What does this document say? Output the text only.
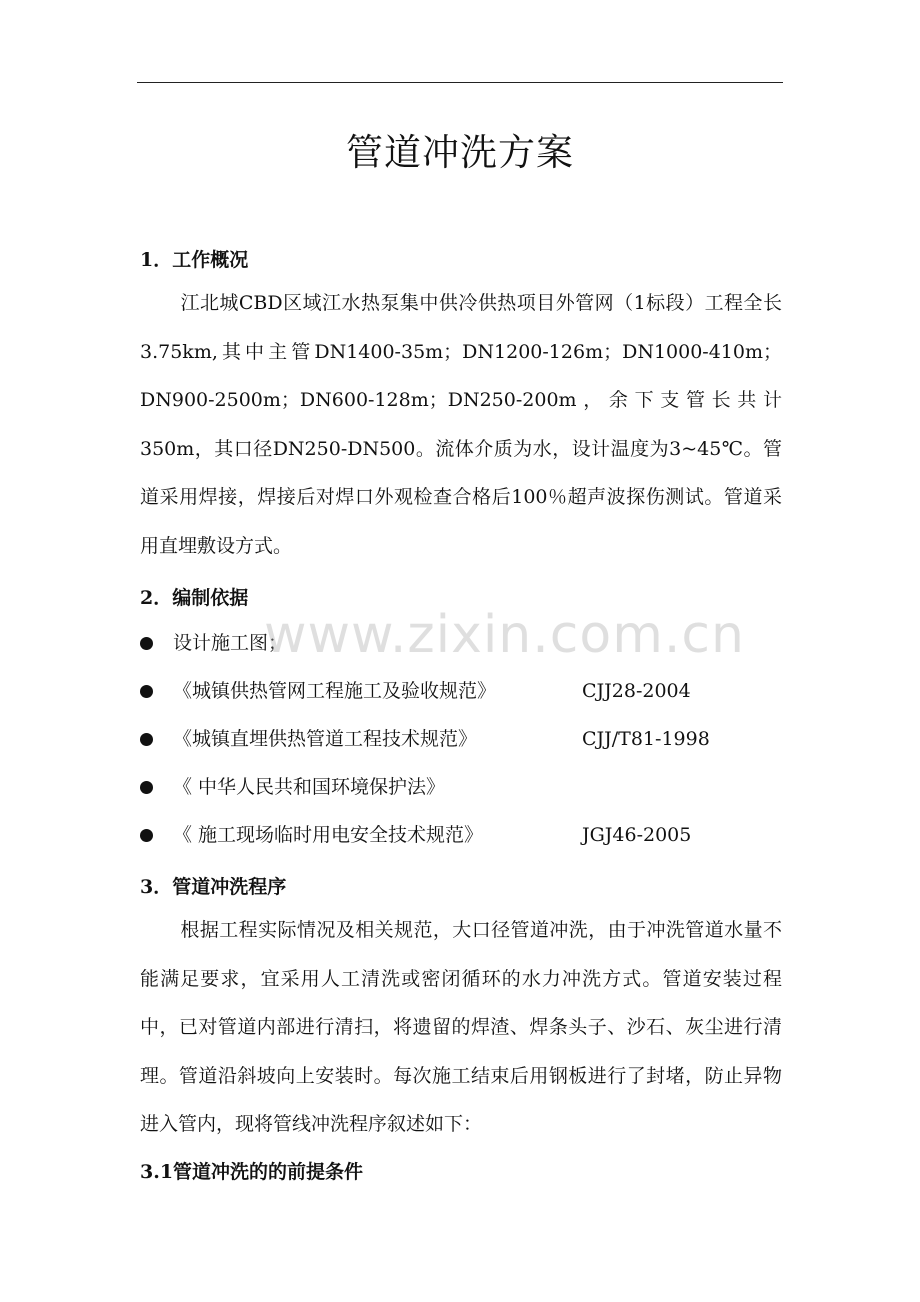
管道冲洗方案
1．工作概况
江北城CBD区域江水热泵集中供冷供热项目外管网（1标段）工程全长3.75km,其中主管DN1400-35m；DN1200-126m；DN1000-410m；DN900-2500m；DN600-128m；DN250-200m，余下支管长共计350m，其口径DN250-DN500。流体介质为水，设计温度为3~45℃。管道采用焊接，焊接后对焊口外观检查合格后100％超声波探伤测试。管道采用直埋敷设方式。
2．编制依据
设计施工图；
《城镇供热管网工程施工及验收规范》	CJJ28-2004
《城镇直埋供热管道工程技术规范》	CJJ/T81-1998
《 中华人民共和国环境保护法》
《 施工现场临时用电安全技术规范》	JGJ46-2005
3．管道冲洗程序
根据工程实际情况及相关规范，大口径管道冲洗，由于冲洗管道水量不能满足要求，宜采用人工清洗或密闭循环的水力冲洗方式。管道安装过程中，已对管道内部进行清扫，将遗留的焊渣、焊条头子、沙石、灰尘进行清理。管道沿斜坡向上安装时。每次施工结束后用钢板进行了封堵，防止异物进入管内，现将管线冲洗程序叙述如下：
3.1管道冲洗的的前提条件
www.zixin.com.cn
